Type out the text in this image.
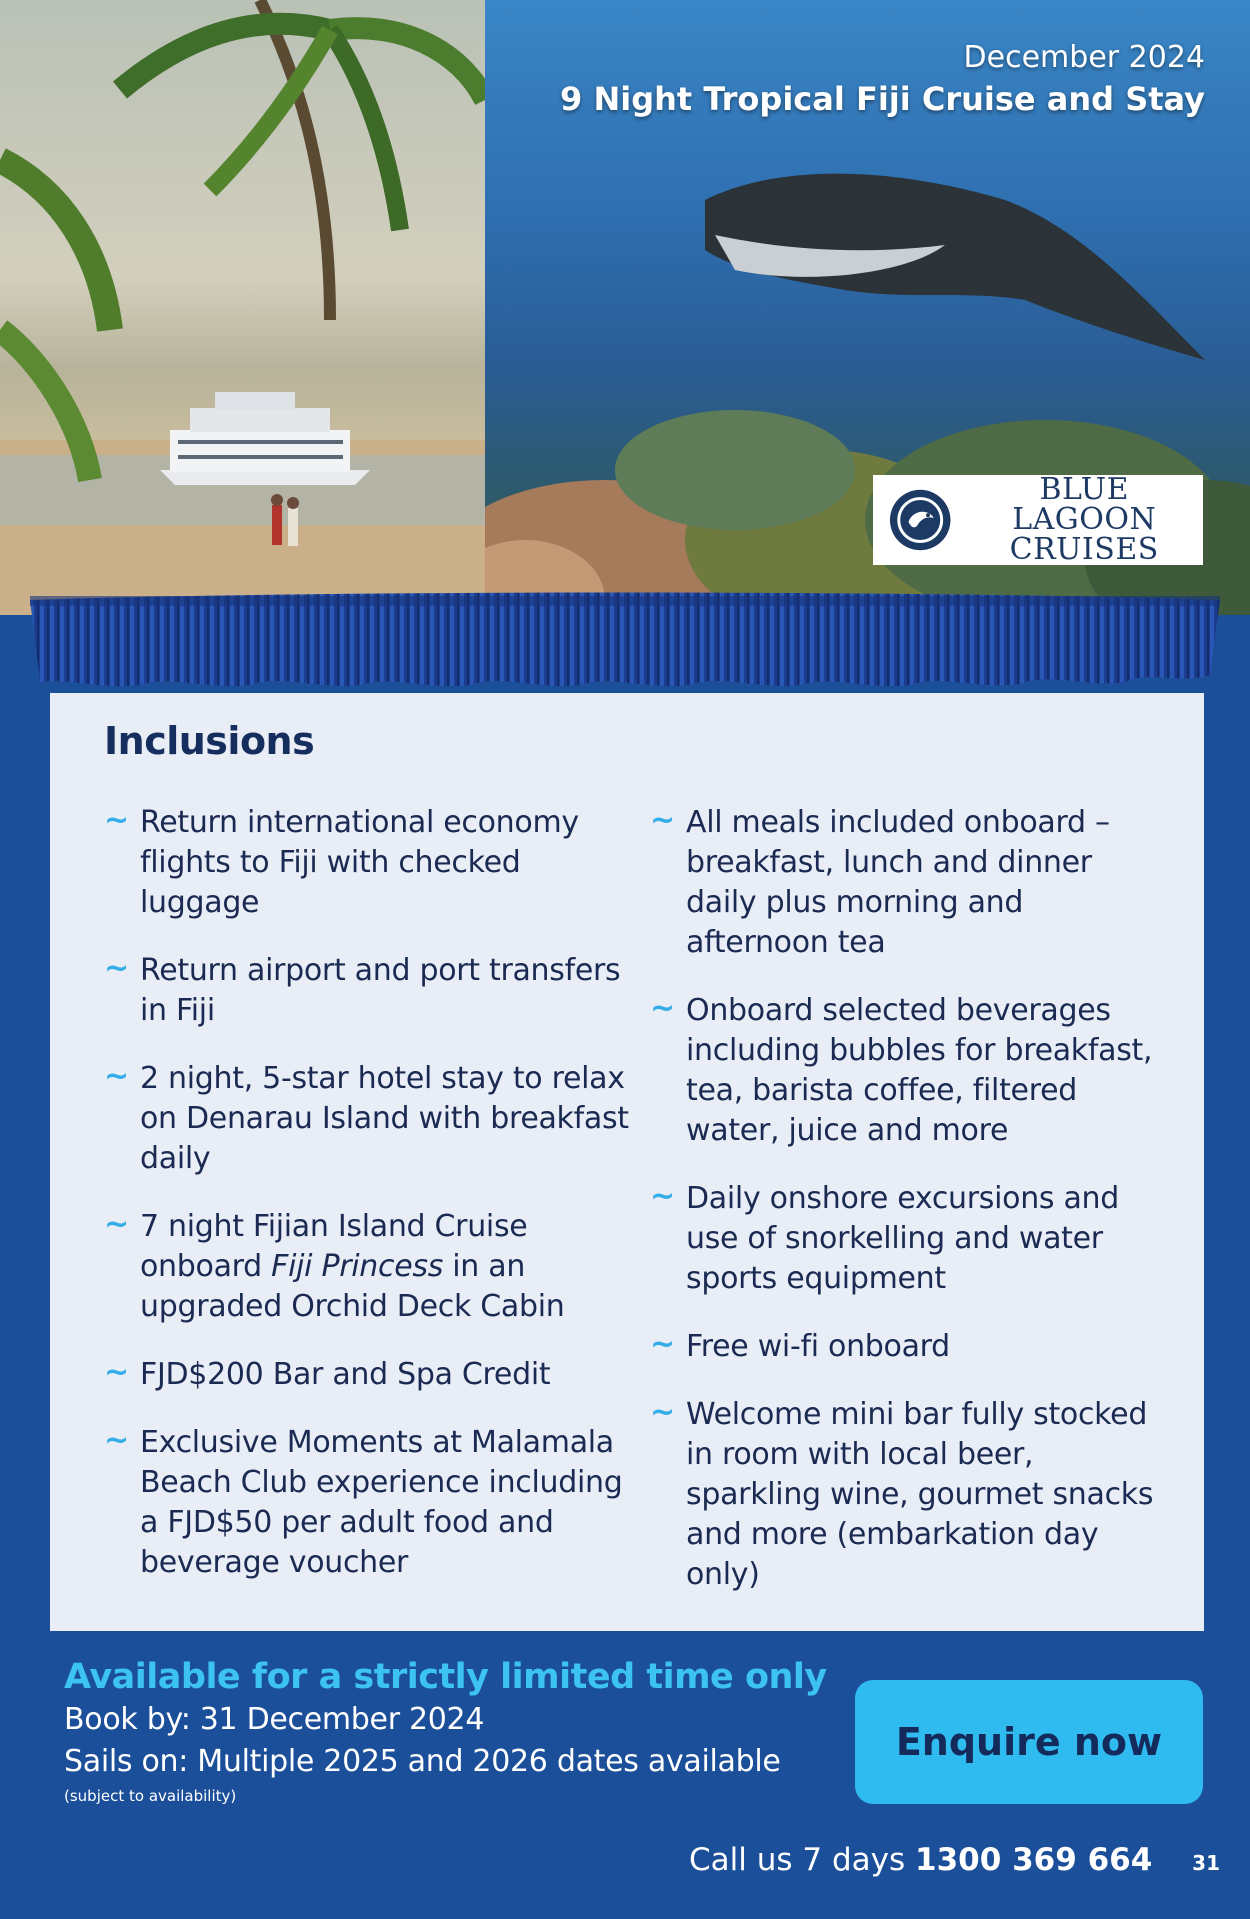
December 2024
9 Night Tropical Fiji Cruise and Stay
BLUE LAGOON
CRUISES
Inclusions
~ Return international economy flights to Fiji with checked luggage
~ Return airport and port transfers in Fiji
~ 2 night, 5-star hotel stay to relax on Denarau Island with breakfast daily
~ 7 night Fijian Island Cruise onboard Fiji Princess in an upgraded Orchid Deck Cabin
~ FJD$200 Bar and Spa Credit
~ Exclusive Moments at Malamala Beach Club experience including a FJD$50 per adult food and beverage voucher
~ All meals included onboard – breakfast, lunch and dinner daily plus morning and afternoon tea
~ Onboard selected beverages including bubbles for breakfast, tea, barista coffee, filtered water, juice and more
~ Daily onshore excursions and use of snorkelling and water sports equipment
~ Free wi-fi onboard
~ Welcome mini bar fully stocked in room with local beer, sparkling wine, gourmet snacks and more (embarkation day only)
Available for a strictly limited time only
Book by: 31 December 2024
Sails on: Multiple 2025 and 2026 dates available
(subject to availability)
Enquire now
Call us 7 days 1300 369 664 31
